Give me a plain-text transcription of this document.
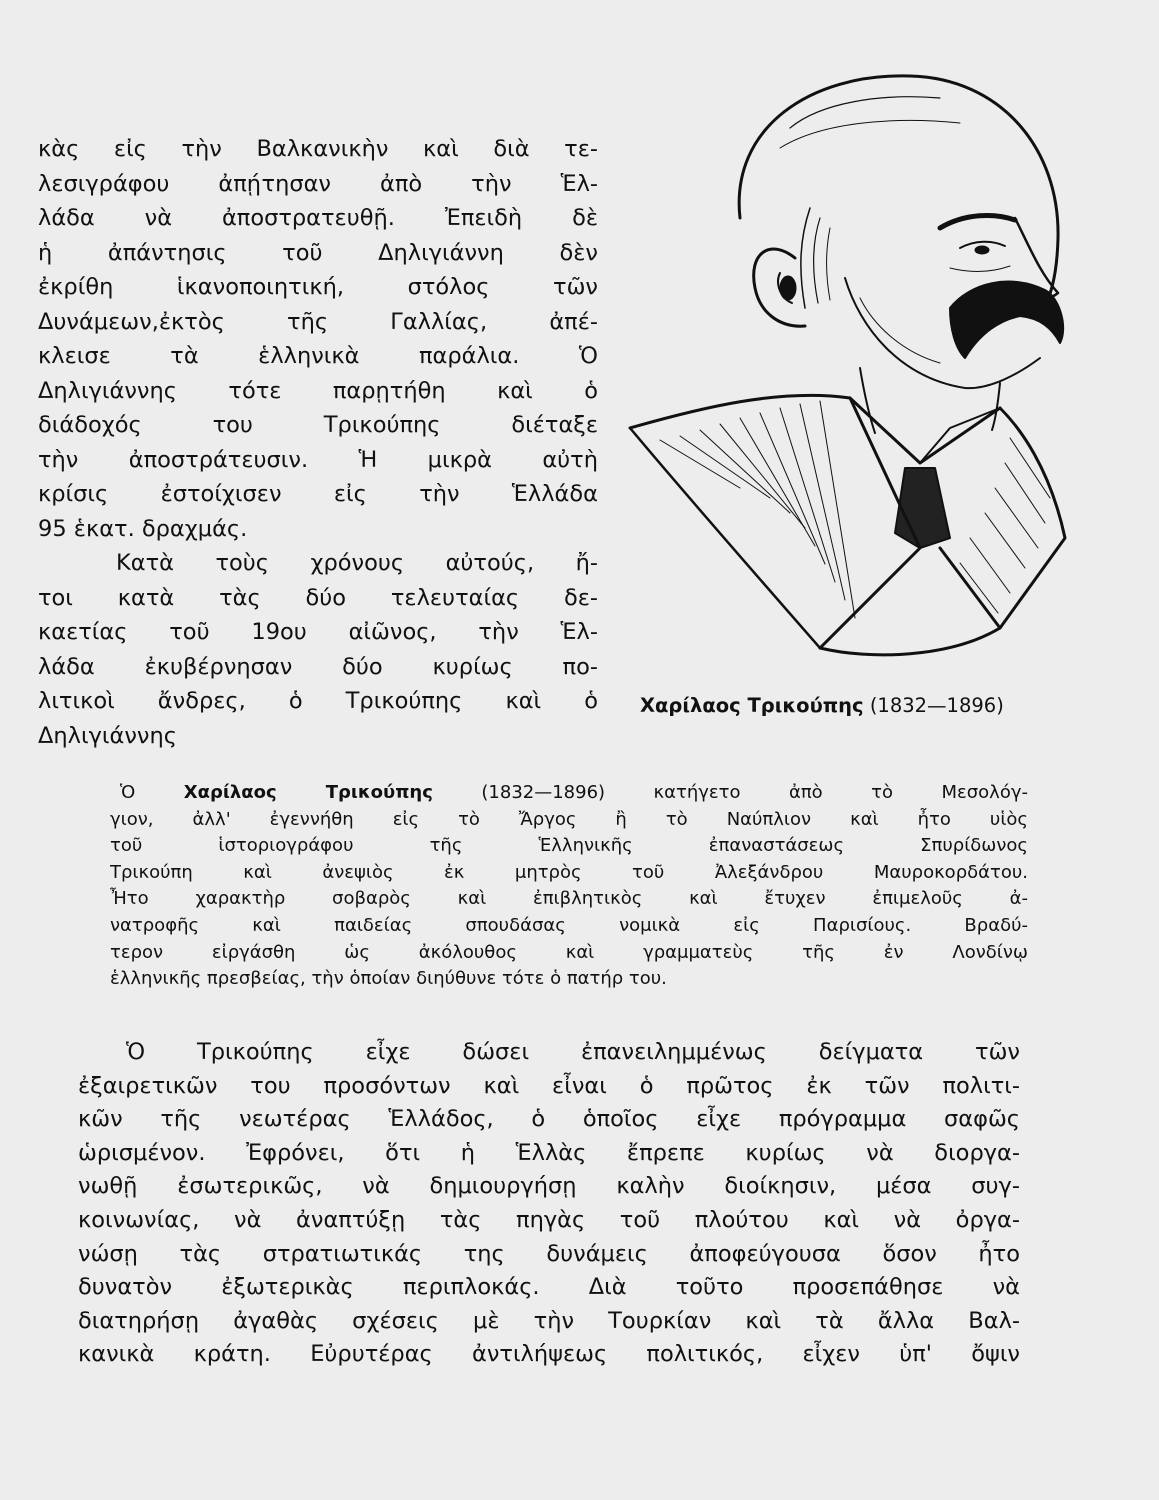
κὰς εἰς τὴν Βαλκανικὴν καὶ διὰ τε-
λεσιγράφου ἀπῄτησαν ἀπὸ τὴν Ἑλ-
λάδα νὰ ἀποστρατευθῇ. Ἐπειδὴ δὲ
ἡ ἀπάντησις τοῦ Δηλιγιάννη δὲν
ἐκρίθη ἱκανοποιητική, στόλος τῶν
Δυνάμεων,ἐκτὸς τῆς Γαλλίας, ἀπέ-
κλεισε τὰ ἑλληνικὰ παράλια. Ὁ
Δηλιγιάννης τότε παρῃτήθη καὶ ὁ
διάδοχός του Τρικούπης διέταξε
τὴν ἀποστράτευσιν. Ἡ μικρὰ αὐτὴ
κρίσις ἐστοίχισεν εἰς τὴν Ἑλλάδα
95 ἑκατ. δραχμάς.
Κατὰ τοὺς χρόνους αὐτούς, ἤ-
τοι κατὰ τὰς δύο τελευταίας δε-
καετίας τοῦ 19ου αἰῶνος, τὴν Ἑλ-
λάδα ἐκυβέρνησαν δύο κυρίως πο-
λιτικοὶ ἄνδρες, ὁ Τρικούπης καὶ ὁ
Δηλιγιάννης
Χαρίλαος Τρικούπης (1832—1896)
Ὁ Χαρίλαος Τρικούπης (1832—1896) κατήγετο ἀπὸ τὸ Μεσολόγ-
γιον, ἀλλ' ἐγεννήθη εἰς τὸ Ἄργος ἢ τὸ Ναύπλιον καὶ ἦτο υἱὸς
τοῦ ἱστοριογράφου τῆς Ἑλληνικῆς ἐπαναστάσεως Σπυρίδωνος
Τρικούπη καὶ ἀνεψιὸς ἐκ μητρὸς τοῦ Ἀλεξάνδρου Μαυροκορδάτου.
Ἦτο χαρακτὴρ σοβαρὸς καὶ ἐπιβλητικὸς καὶ ἔτυχεν ἐπιμελοῦς ἀ-
νατροφῆς καὶ παιδείας σπουδάσας νομικὰ εἰς Παρισίους. Βραδύ-
τερον εἰργάσθη ὡς ἀκόλουθος καὶ γραμματεὺς τῆς ἐν Λονδίνῳ
ἑλληνικῆς πρεσβείας, τὴν ὁποίαν διηύθυνε τότε ὁ πατήρ του.
Ὁ Τρικούπης εἶχε δώσει ἐπανειλημμένως δείγματα τῶν
ἐξαιρετικῶν του προσόντων καὶ εἶναι ὁ πρῶτος ἐκ τῶν πολιτι-
κῶν τῆς νεωτέρας Ἑλλάδος, ὁ ὁποῖος εἶχε πρόγραμμα σαφῶς
ὡρισμένον. Ἐφρόνει, ὅτι ἡ Ἑλλὰς ἔπρεπε κυρίως νὰ διοργα-
νωθῇ ἐσωτερικῶς, νὰ δημιουργήσῃ καλὴν διοίκησιν, μέσα συγ-
κοινωνίας, νὰ ἀναπτύξῃ τὰς πηγὰς τοῦ πλούτου καὶ νὰ ὀργα-
νώσῃ τὰς στρατιωτικάς της δυνάμεις ἀποφεύγουσα ὅσον ἦτο
δυνατὸν ἐξωτερικὰς περιπλοκάς. Διὰ τοῦτο προσεπάθησε νὰ
διατηρήσῃ ἀγαθὰς σχέσεις μὲ τὴν Τουρκίαν καὶ τὰ ἄλλα Βαλ-
κανικὰ κράτη. Εὐρυτέρας ἀντιλήψεως πολιτικός, εἶχεν ὑπ' ὄψιν
